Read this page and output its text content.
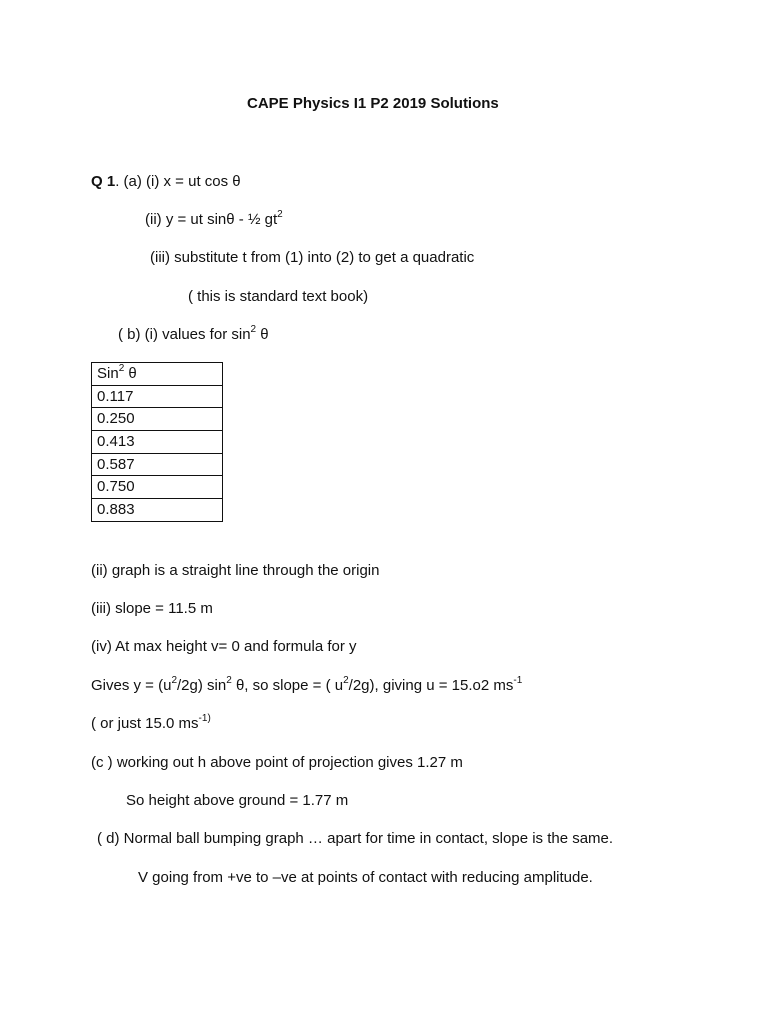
CAPE Physics I1 P2 2019 Solutions
Q 1. (a) (i) x = ut cos θ
(ii) y = ut sinθ - ½ $gt^2$
(iii) substitute t from (1) into (2) to get a quadratic
( this is standard text book)
( b) (i) values for $\sin^2 \theta$
Sin$^2$ θ
0.117
0.250
0.413
0.587
0.750
0.883
(ii) graph is a straight line through the origin
(iii) slope = 11.5 m
(iv) At max height v= 0 and formula for y
Gives $y = (u^2/2g)$ $\sin^2 \theta$, so slope = ( $u^2/2g$), giving u = 15.o2 $ms^{-1}$
( or just 15.0 $ms^{-1)}$
(c ) working out h above point of projection gives 1.27 m
So height above ground = 1.77 m
( d) Normal ball bumping graph … apart for time in contact, slope is the same.
V going from +ve to –ve at points of contact with reducing amplitude.
